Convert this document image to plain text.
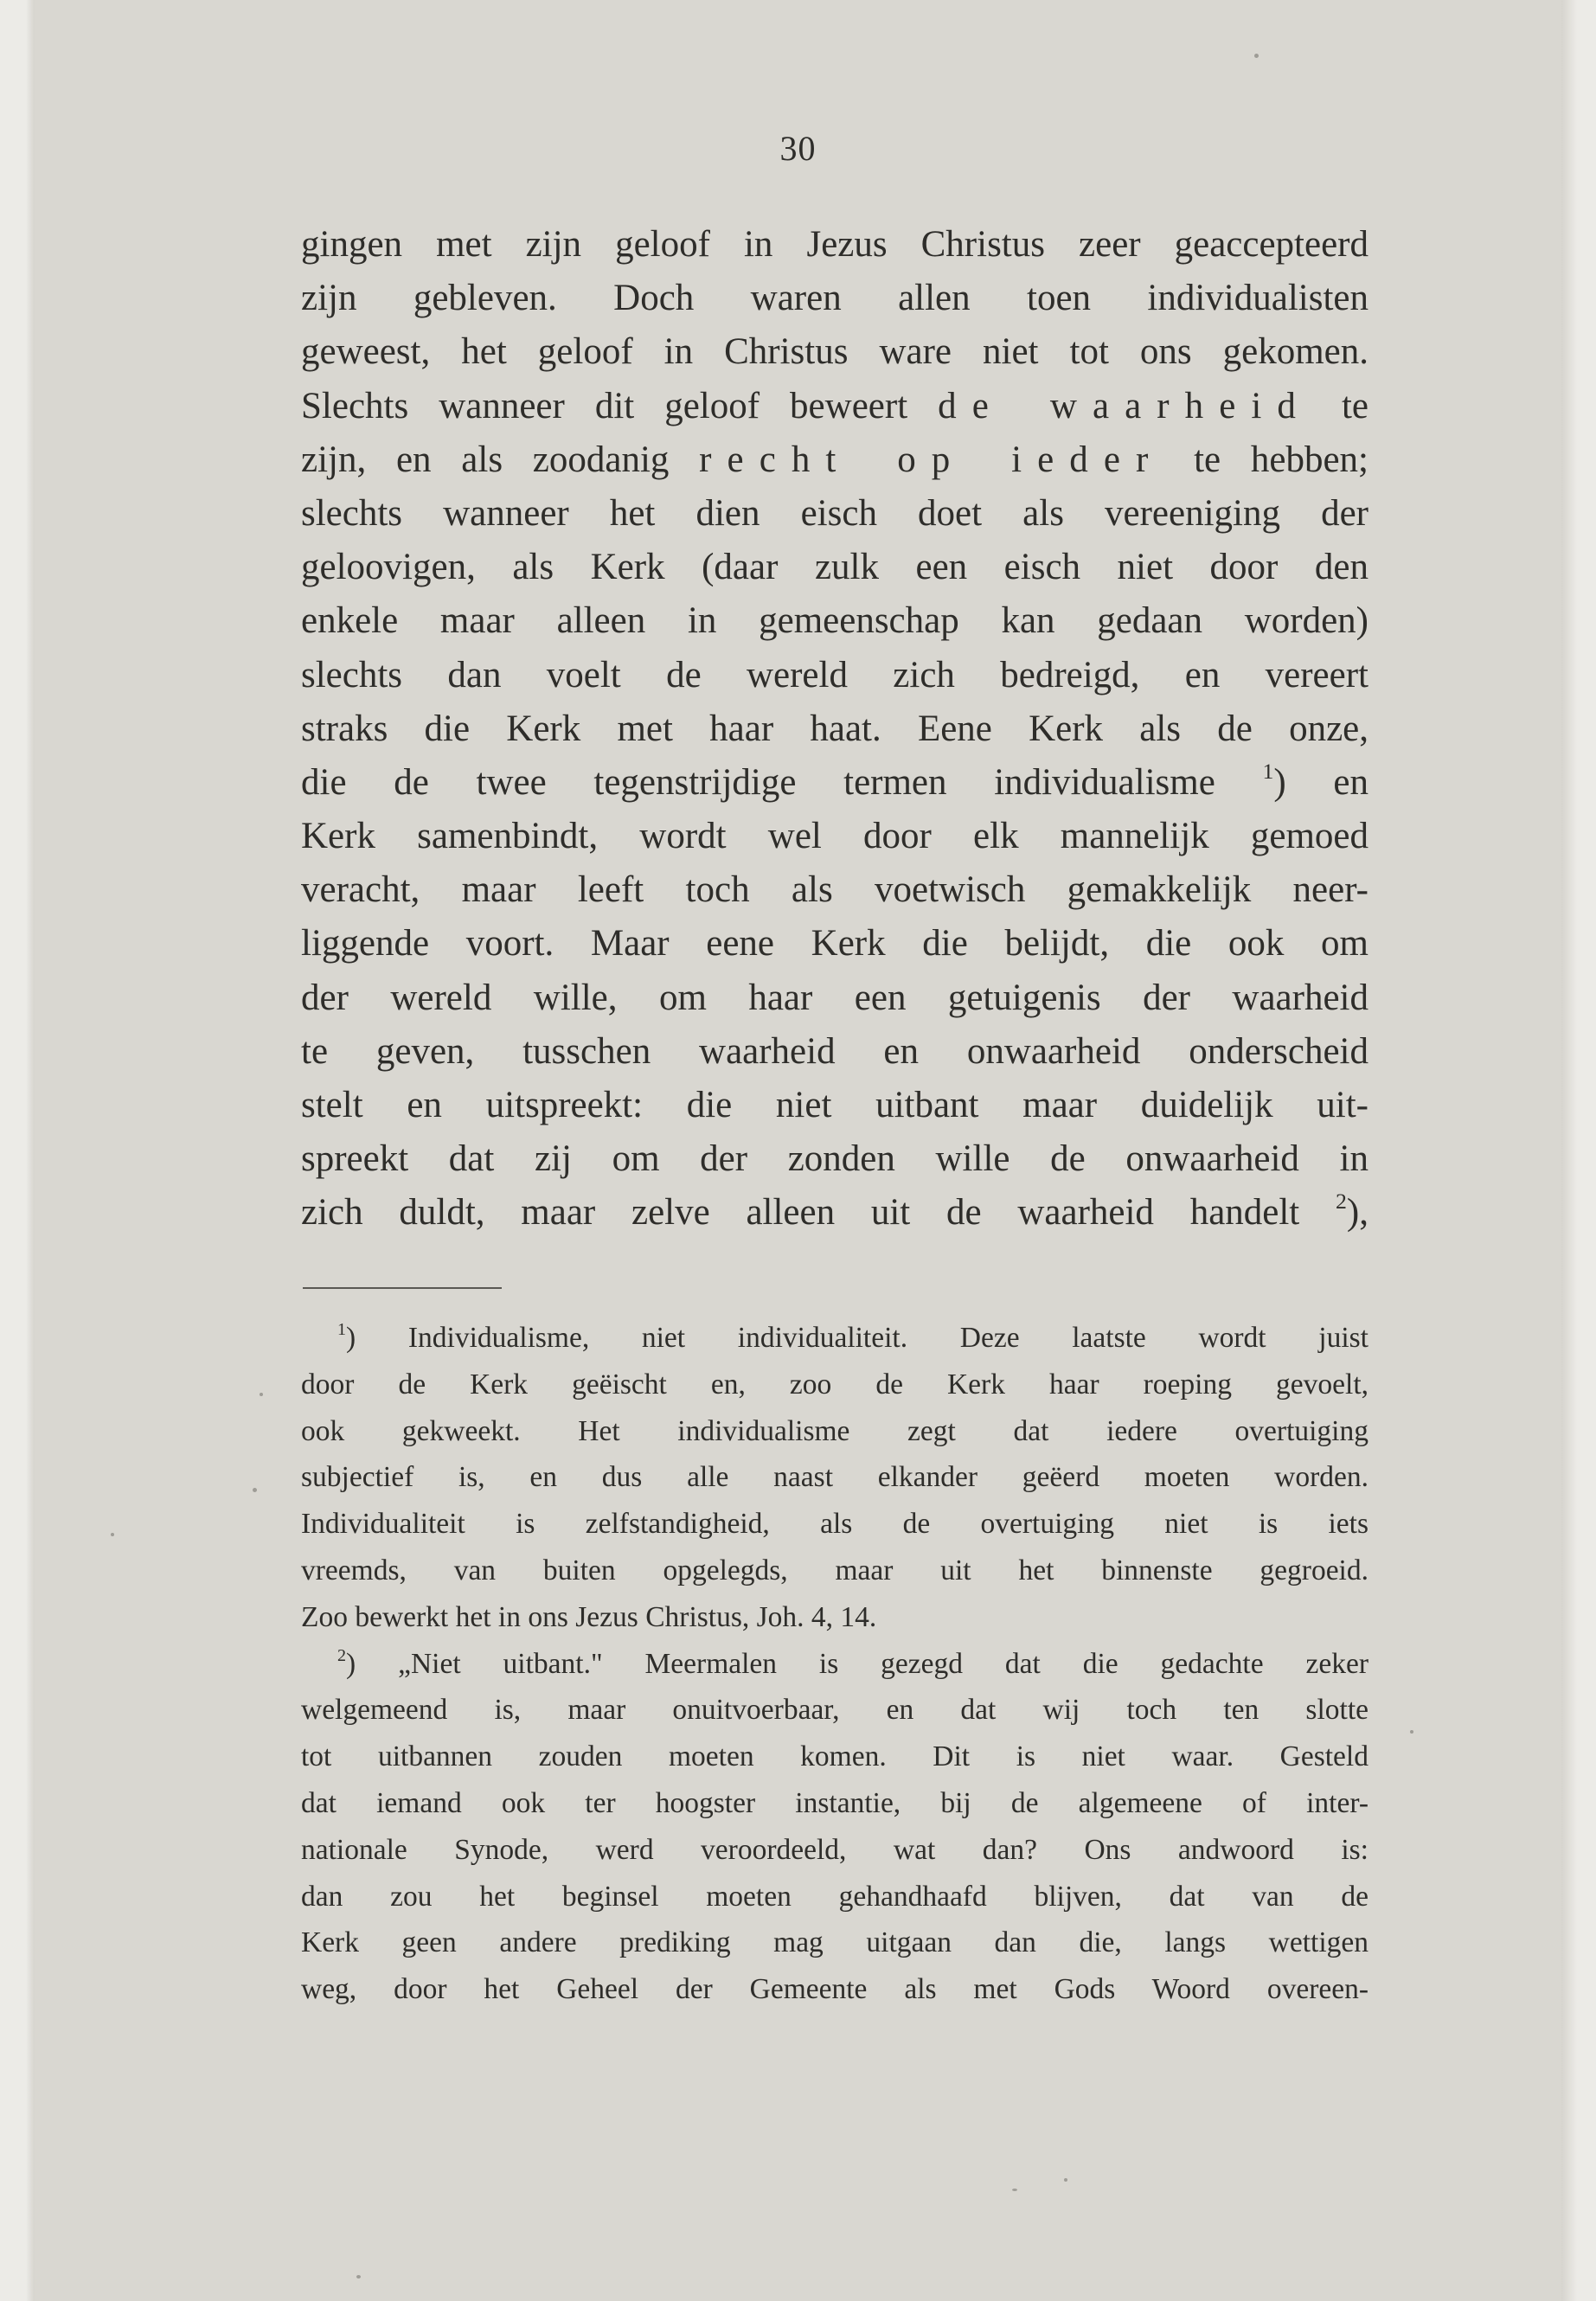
30
gingen met zijn geloof in Jezus Christus zeer geaccepteerd
zijn gebleven. Doch waren allen toen individualisten
geweest, het geloof in Christus ware niet tot ons gekomen.
Slechts wanneer dit geloof beweert de waarheid te
zijn, en als zoodanig recht op ieder te hebben;
slechts wanneer het dien eisch doet als vereeniging der
geloovigen, als Kerk (daar zulk een eisch niet door den
enkele maar alleen in gemeenschap kan gedaan worden)
slechts dan voelt de wereld zich bedreigd, en vereert
straks die Kerk met haar haat. Eene Kerk als de onze,
die de twee tegenstrijdige termen individualisme $^1$) en
Kerk samenbindt, wordt wel door elk mannelijk gemoed
veracht, maar leeft toch als voetwisch gemakkelijk neer-
liggende voort. Maar eene Kerk die belijdt, die ook om
der wereld wille, om haar een getuigenis der waarheid
te geven, tusschen waarheid en onwaarheid onderscheid
stelt en uitspreekt: die niet uitbant maar duidelijk uit-
spreekt dat zij om der zonden wille de onwaarheid in
zich duldt, maar zelve alleen uit de waarheid handelt $^2$),
$^1$) Individualisme, niet individualiteit. Deze laatste wordt juist
door de Kerk geëischt en, zoo de Kerk haar roeping gevoelt,
ook gekweekt. Het individualisme zegt dat iedere overtuiging
subjectief is, en dus alle naast elkander geëerd moeten worden.
Individualiteit is zelfstandigheid, als de overtuiging niet is iets
vreemds, van buiten opgelegds, maar uit het binnenste gegroeid.
Zoo bewerkt het in ons Jezus Christus, Joh. 4, 14.
$^2$) „Niet uitbant." Meermalen is gezegd dat die gedachte zeker
welgemeend is, maar onuitvoerbaar, en dat wij toch ten slotte
tot uitbannen zouden moeten komen. Dit is niet waar. Gesteld
dat iemand ook ter hoogster instantie, bij de algemeene of inter-
nationale Synode, werd veroordeeld, wat dan? Ons andwoord is:
dan zou het beginsel moeten gehandhaafd blijven, dat van de
Kerk geen andere prediking mag uitgaan dan die, langs wettigen
weg, door het Geheel der Gemeente als met Gods Woord overeen-
